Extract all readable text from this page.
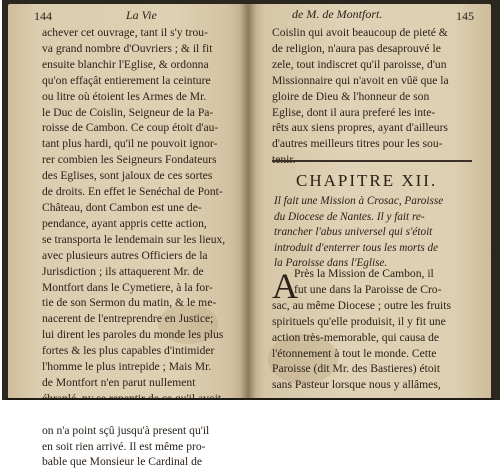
144	La Vie
achever cet ouvrage, tant il s'y trou-
va grand nombre d'Ouvriers ; & il fit
ensuite blanchir l'Eglise, & ordonna
qu'on effaçât entierement la ceinture
ou litre où étoient les Armes de Mr.
le Duc de Coislin, Seigneur de la Pa-
roisse de Cambon. Ce coup étoit d'au-
tant plus hardi, qu'il ne pouvoit ignor-
rer combien les Seigneurs Fondateurs
des Eglises, sont jaloux de ces sortes
de droits. En effet le Senéchal de Pont-
Château, dont Cambon est une de-
pendance, ayant appris cette action,
se transporta le lendemain sur les lieux,
avec plusieurs autres Officiers de la
Jurisdiction ; ils attaquerent Mr. de
Montfort dans le Cymetiere, à la for-
tie de son Sermon du matin, & le me-
nacerent de l'entreprendre en Justice;
lui dirent les paroles du monde les plus
fortes & les plus capables d'intimider
l'homme le plus intrepide ; Mais Mr.
de Montfort n'en parut nullement
on n'a point sçû jusqu'à present qu'il
en soit rien arrivé. Il est même pro-
bable que Monsieur le Cardinal de
de M. de Montfort.	145
Coislin qui avoit beaucoup de pieté &
de religion, n'aura pas desaprouvé le
zele, tout indiscret qu'il paroisse, d'un
Missionnaire qui n'avoit en vûë que la
gloire de Dieu & l'honneur de son
Eglise, dont il aura preferé les inte-
rêts aux siens propres, ayant d'ailleurs
d'autres meilleurs titres pour les sou-
CHAPITRE XII.
Il fait une Mission à Crosac, Paroisse
du Diocese de Nantes. Il y fait re-
trancher l'abus universel qui s'étoit
introduit d'enterrer tous les morts de
la Paroisse dans l'Eglise.
A
Près la Mission de Cambon, il
fut une dans la Paroisse de Cro-
sac, au même Diocese ; outre les fruits
spirituels qu'elle produisit, il y fit une
action très-memorable, qui causa de
l'étonnement à tout le monde. Cette
Paroisse (dit Mr. des Bastieres) étoit
sans Pasteur lorsque nous y allâmes,
